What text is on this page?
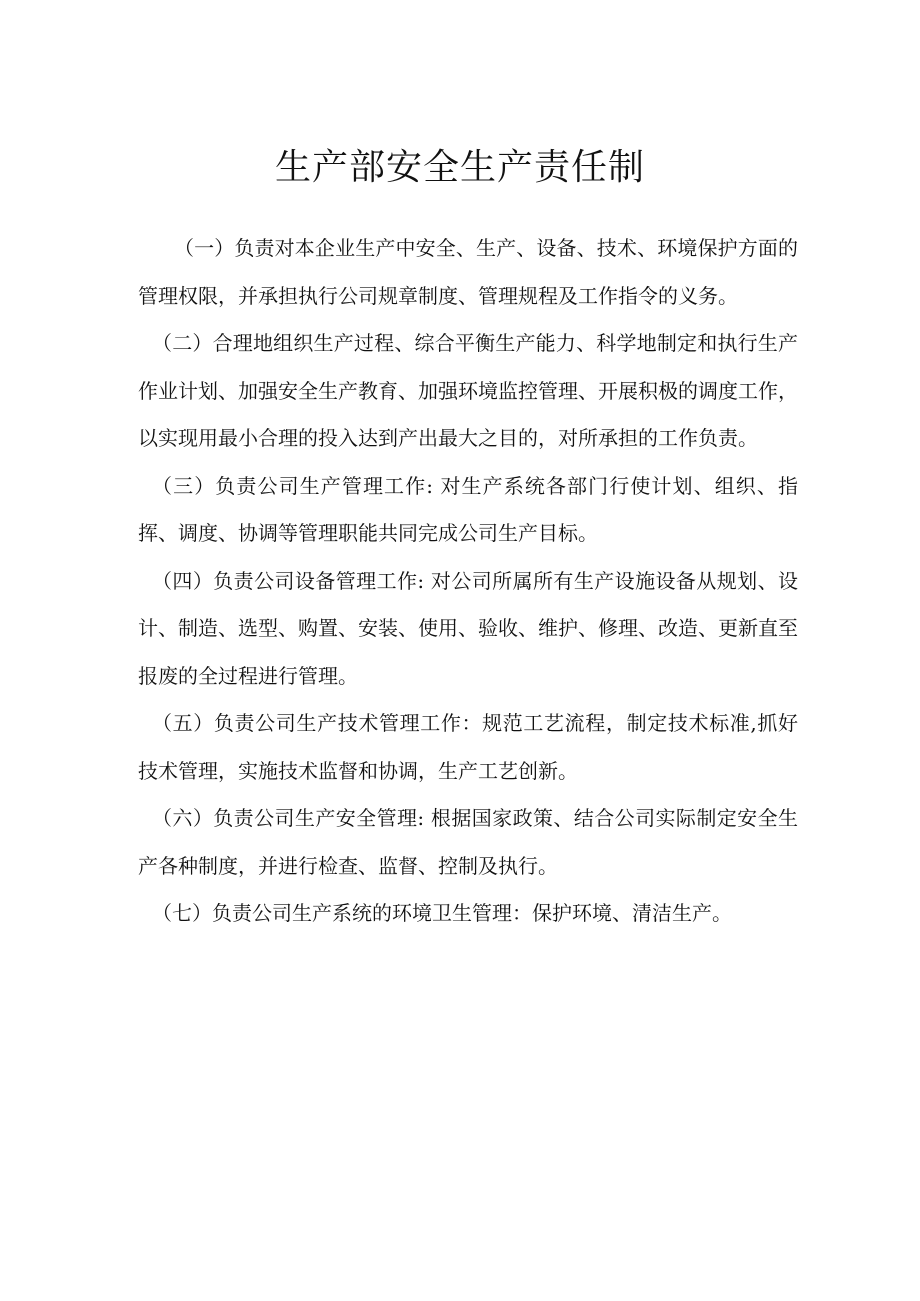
生产部安全生产责任制

（一）负责对本企业生产中安全、生产、设备、技术、环境保护方面的管理权限，并承担执行公司规章制度、管理规程及工作指令的义务。

（二）合理地组织生产过程、综合平衡生产能力、科学地制定和执行生产作业计划、加强安全生产教育、加强环境监控管理、开展积极的调度工作，以实现用最小合理的投入达到产出最大之目的，对所承担的工作负责。

（三）负责公司生产管理工作: 对生产系统各部门行使计划、组织、指挥、调度、协调等管理职能共同完成公司生产目标。

（四）负责公司设备管理工作: 对公司所属所有生产设施设备从规划、设计、制造、选型、购置、安装、使用、验收、维护、修理、改造、更新直至报废的全过程进行管理。

（五）负责公司生产技术管理工作：规范工艺流程，制定技术标准,抓好技术管理，实施技术监督和协调，生产工艺创新。

（六）负责公司生产安全管理: 根据国家政策、结合公司实际制定安全生产各种制度，并进行检查、监督、控制及执行。

（七）负责公司生产系统的环境卫生管理：保护环境、清洁生产。
